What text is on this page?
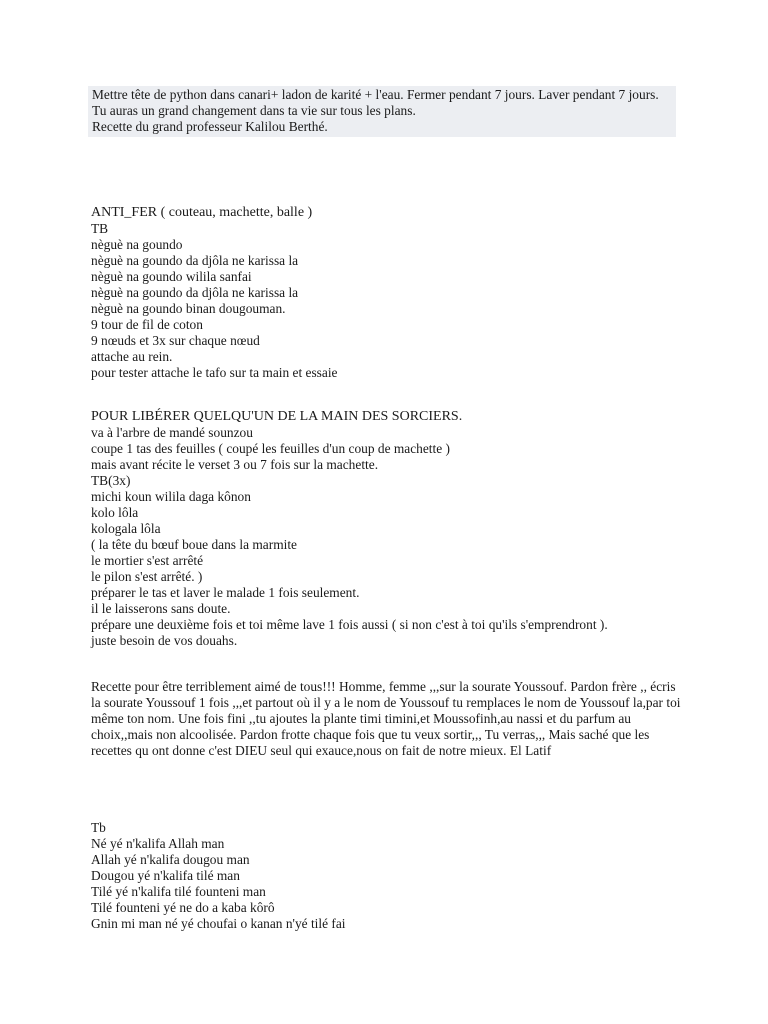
Mettre tête de python dans canari+ ladon de karité + l'eau. Fermer pendant 7 jours. Laver pendant 7 jours.
Tu auras un grand changement dans ta vie sur tous les plans.
Recette du grand professeur Kalilou Berthé.
ANTI_FER ( couteau, machette, balle )
TB
nèguè na goundo
nèguè na goundo da djôla ne karissa la
nèguè na goundo wilila sanfai
nèguè na goundo da djôla ne karissa la
nèguè na goundo binan dougouman.
9 tour de fil de coton
9 nœuds et 3x sur chaque nœud
attache au rein.
pour tester attache le tafo sur ta main et essaie
POUR LIBÉRER QUELQU'UN DE LA MAIN DES SORCIERS.
va à l'arbre de mandé sounzou
coupe 1 tas des feuilles ( coupé les feuilles d'un coup de machette )
mais avant récite le verset 3 ou 7 fois sur la machette.
TB(3x)
michi koun wilila daga kônon
kolo lôla
kologala lôla
( la tête du bœuf boue dans la marmite
le mortier s'est arrêté
le pilon s'est arrêté. )
préparer le tas et laver le malade 1 fois seulement.
il le laisserons sans doute.
prépare une deuxième fois et toi même lave 1 fois aussi ( si non c'est à toi qu'ils s'emprendront ).
juste besoin de vos douahs.
Recette pour être terriblement aimé de tous!!! Homme, femme ,,,sur la sourate Youssouf. Pardon frère ,, écris la sourate Youssouf 1 fois ,,,et partout où il y a le nom de Youssouf tu remplaces le nom de Youssouf la,par toi même ton nom. Une fois fini ,,tu ajoutes la plante timi timini,et Moussofinh,au nassi et du parfum au choix,,mais non alcoolisée. Pardon frotte chaque fois que tu veux sortir,,, Tu verras,,, Mais saché que les recettes qu ont donne c'est DIEU seul qui exauce,nous on fait de notre mieux. El Latif
Tb
Né yé n'kalifa Allah man
Allah yé n'kalifa dougou man
Dougou yé n'kalifa tilé man
Tilé yé n'kalifa tilé founteni man
Tilé founteni yé ne do a kaba kôrô
Gnin mi man né yé choufai o kanan n'yé tilé fai
